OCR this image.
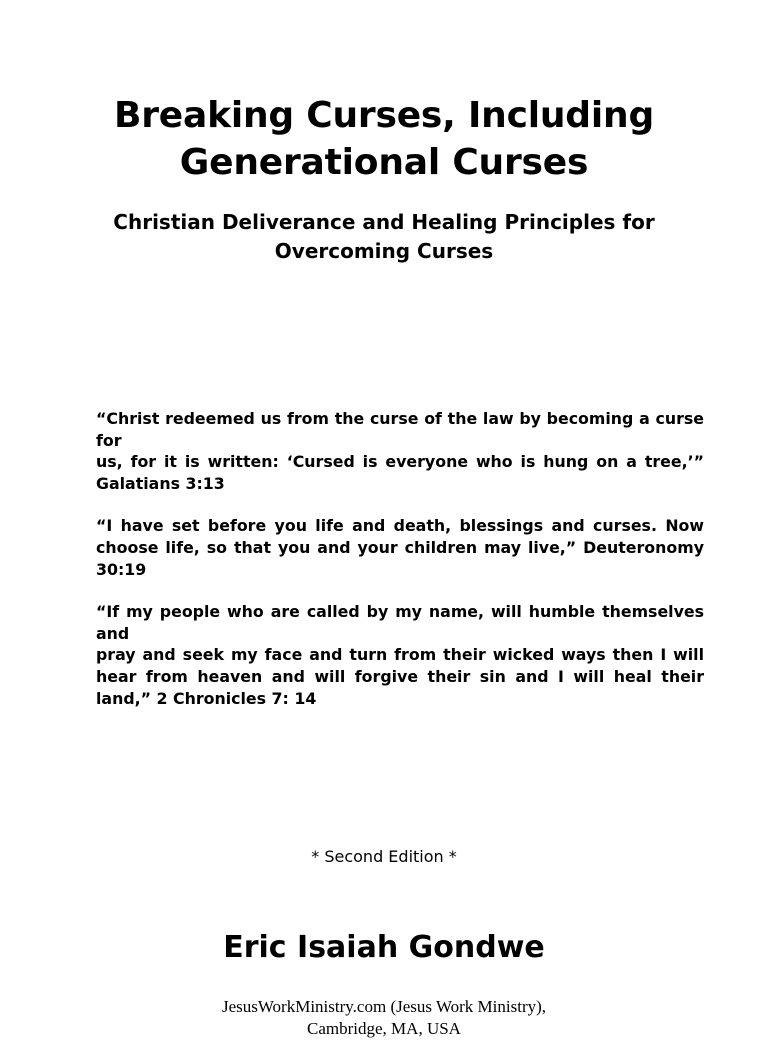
Breaking Curses, Including
Generational Curses
Christian Deliverance and Healing Principles for
Overcoming Curses

“Christ redeemed us from the curse of the law by becoming a curse for
us, for it is written: ‘Cursed is everyone who is hung on a tree,’”
Galatians 3:13

“I have set before you life and death, blessings and curses. Now
choose life, so that you and your children may live,” Deuteronomy
30:19

“If my people who are called by my name, will humble themselves and
pray and seek my face and turn from their wicked ways then I will
hear from heaven and will forgive their sin and I will heal their
land,” 2 Chronicles 7: 14

* Second Edition *
Eric Isaiah Gondwe
JesusWorkMinistry.com (Jesus Work Ministry),
Cambridge, MA, USA
